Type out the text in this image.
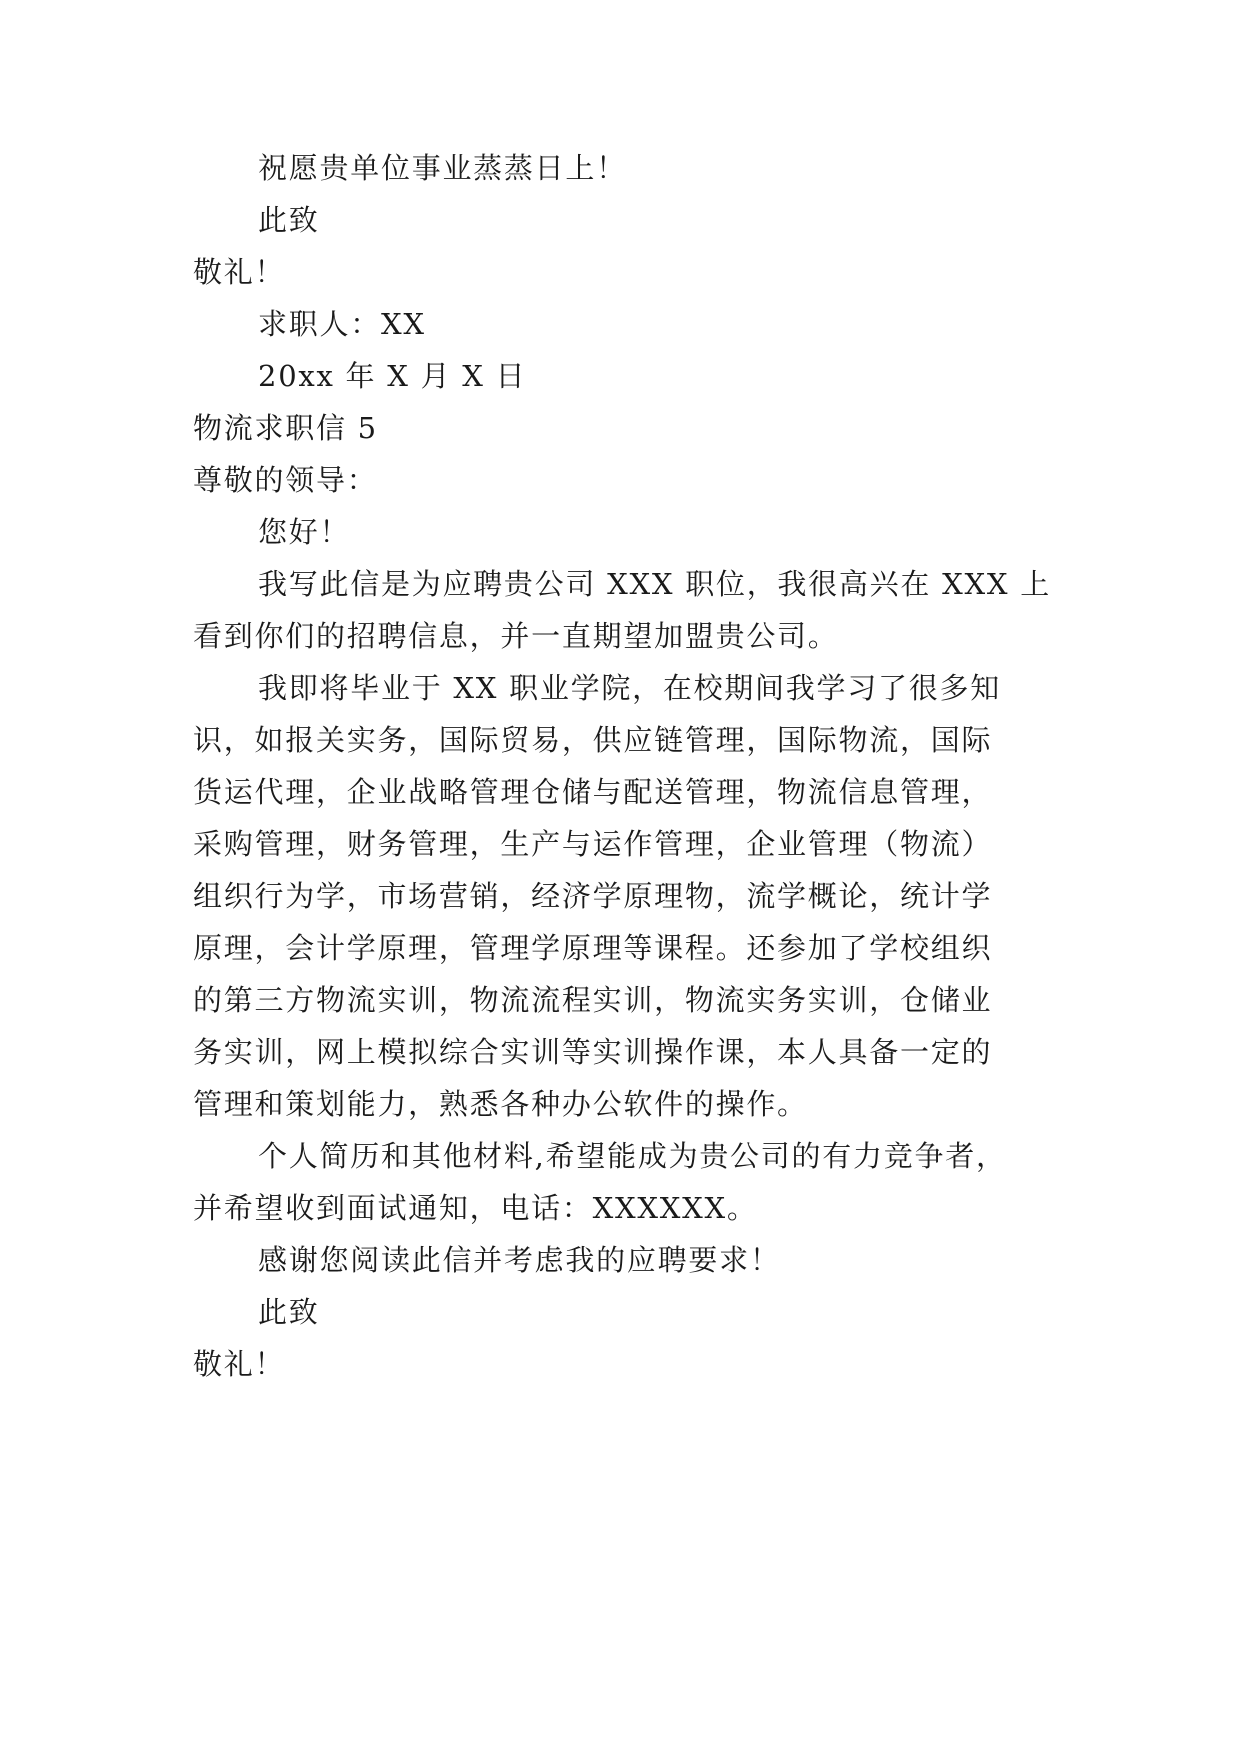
祝愿贵单位事业蒸蒸日上！
此致
敬礼！
求职人：XX
20xx 年 X 月 X 日
物流求职信 5
尊敬的领导：
您好！
我写此信是为应聘贵公司 XXX 职位，我很高兴在 XXX 上
看到你们的招聘信息，并一直期望加盟贵公司。
我即将毕业于 XX 职业学院，在校期间我学习了很多知
识，如报关实务，国际贸易，供应链管理，国际物流，国际
货运代理，企业战略管理仓储与配送管理，物流信息管理，
采购管理，财务管理，生产与运作管理，企业管理（物流）
组织行为学，市场营销，经济学原理物，流学概论，统计学
原理，会计学原理，管理学原理等课程。还参加了学校组织
的第三方物流实训，物流流程实训，物流实务实训，仓储业
务实训，网上模拟综合实训等实训操作课，本人具备一定的
管理和策划能力，熟悉各种办公软件的操作。
个人简历和其他材料,希望能成为贵公司的有力竞争者，
并希望收到面试通知，电话：XXXXXX。
感谢您阅读此信并考虑我的应聘要求！
此致
敬礼！
